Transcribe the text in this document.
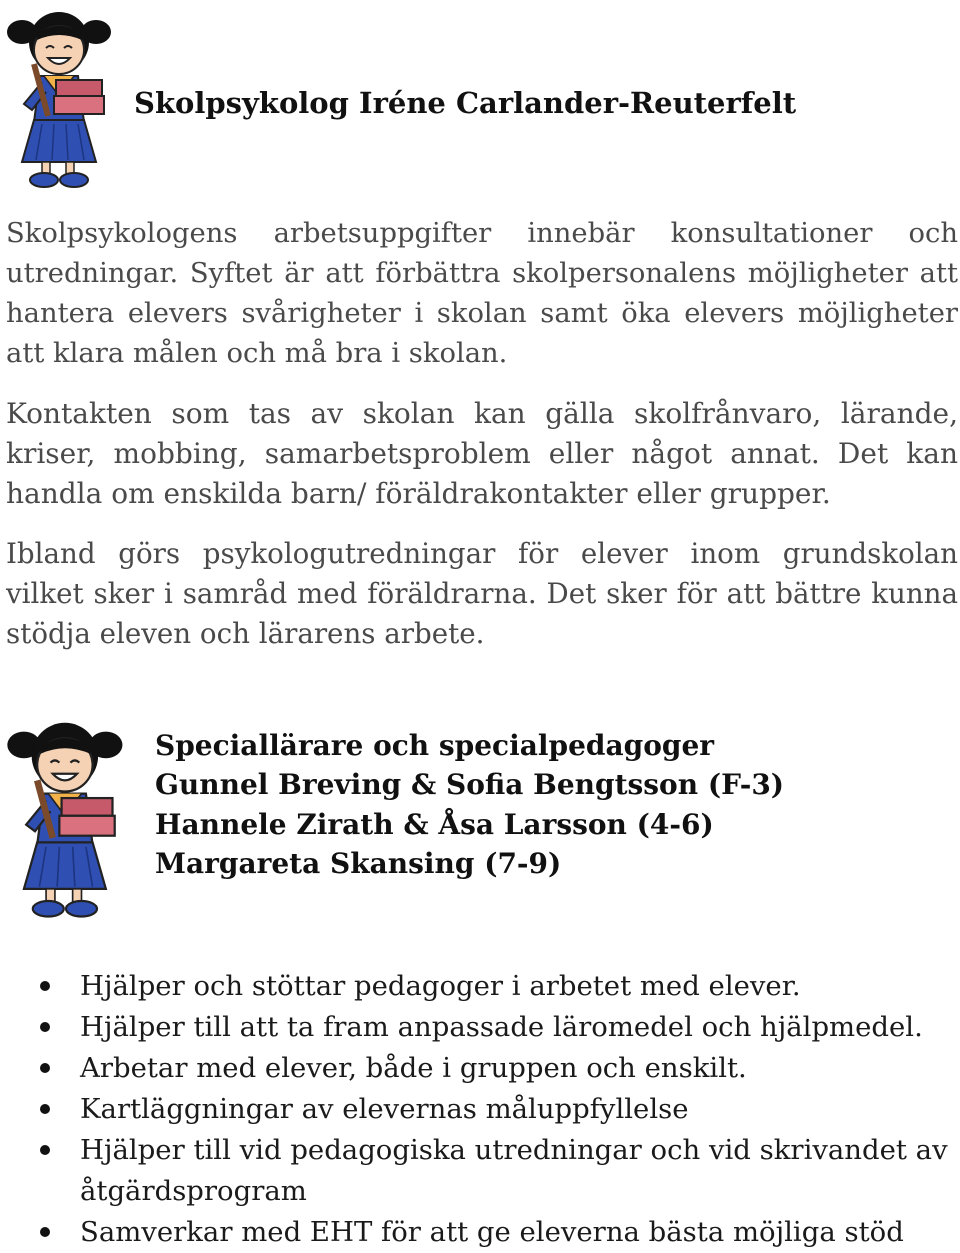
Skolpsykolog Iréne Carlander-Reuterfelt
Skolpsykologens arbetsuppgifter innebär konsultationer och utredningar. Syftet är att förbättra skolpersonalens möjligheter att hantera elevers svårigheter i skolan samt öka elevers möjligheter att klara målen och må bra i skolan.
Kontakten som tas av skolan kan gälla skolfrånvaro, lärande, kriser, mobbing, samarbetsproblem eller något annat. Det kan handla om enskilda barn/ föräldrakontakter eller grupper.
Ibland görs psykologutredningar för elever inom grundskolan vilket sker i samråd med föräldrarna. Det sker för att bättre kunna stödja eleven och lärarens arbete.
Speciallärare och specialpedagoger
Gunnel Breving & Sofia Bengtsson (F-3)
Hannele Zirath & Åsa Larsson (4-6)
Margareta Skansing (7-9)
Hjälper och stöttar pedagoger i arbetet med elever.
Hjälper till att ta fram anpassade läromedel och hjälpmedel.
Arbetar med elever, både i gruppen och enskilt.
Kartläggningar av elevernas måluppfyllelse
Hjälper till vid pedagogiska utredningar och vid skrivandet av åtgärdsprogram
Samverkar med EHT för att ge eleverna bästa möjliga stöd
